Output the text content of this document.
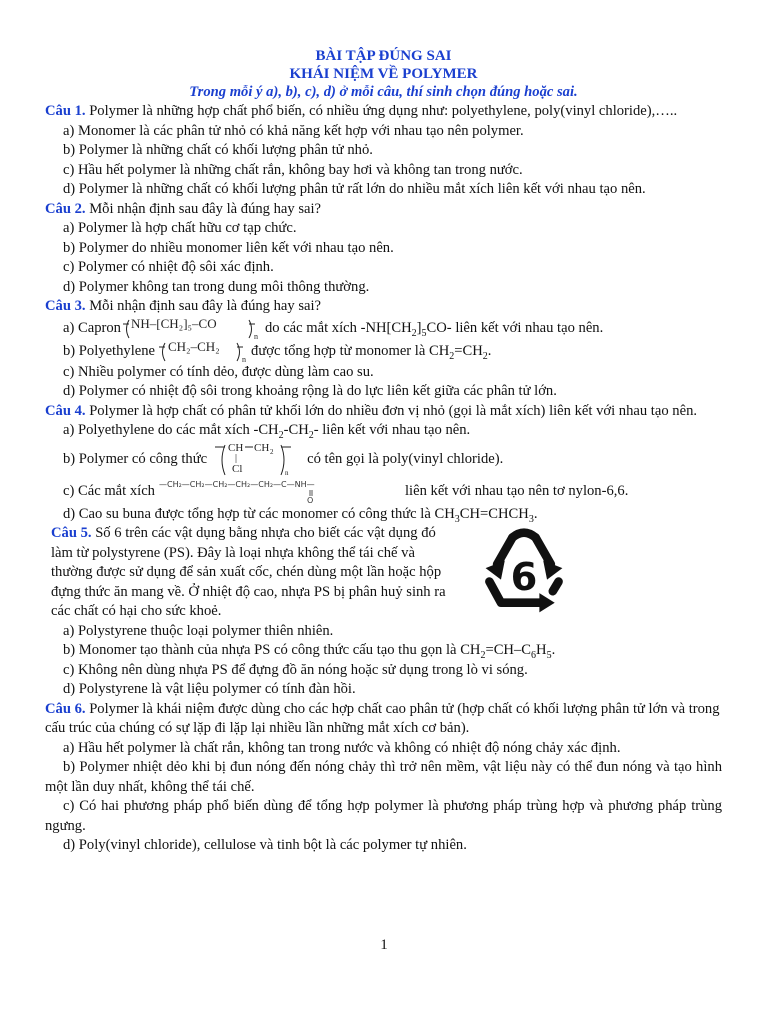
BÀI TẬP ĐÚNG SAI
KHÁI NIỆM VỀ POLYMER
Trong mỗi ý a), b), c), d) ở mỗi câu, thí sinh chọn đúng hoặc sai.

Câu 1. Polymer là những hợp chất phổ biến, có nhiều ứng dụng như: polyethylene, poly(vinyl chloride),…..

a) Monomer là các phân tử nhỏ có khả năng kết hợp với nhau tạo nên polymer.

b) Polymer là những chất có khối lượng phân tử nhỏ.

c) Hầu hết polymer là những chất rắn, không bay hơi và không tan trong nước.

d) Polymer là những chất có khối lượng phân tử rất lớn do nhiều mắt xích liên kết với nhau tạo nên.

Câu 2. Mỗi nhận định sau đây là đúng hay sai?

a) Polymer là hợp chất hữu cơ tạp chức.

b) Polymer do nhiều monomer liên kết với nhau tạo nên.

c) Polymer có nhiệt độ sôi xác định.

d) Polymer không tan trong dung môi thông thường.

Câu 3. Mỗi nhận định sau đây là đúng hay sai?

a) Capron NH–[CH₂]₅–CO
n
do các mắt xích $-NH[CH_2]_5CO-$ liên kết với nhau tạo nên.
b) Polyethylene CH₂–CH₂
n
được tổng hợp từ monomer là $CH_2=CH_2$.

c) Nhiều polymer có tính dẻo, được dùng làm cao su.

d) Polymer có nhiệt độ sôi trong khoảng rộng là do lực liên kết giữa các phân tử lớn.

Câu 4. Polymer là hợp chất có phân tử khối lớn do nhiều đơn vị nhỏ (gọi là mắt xích) liên kết với nhau tạo nên.

a) Polyethylene do các mắt xích $-CH_2-CH_2-$ liên kết với nhau tạo nên.

b) Polymer có công thức
CH CH 2
Cl	n
có tên gọi là poly(vinyl chloride).
c) Các mắt xích —CH₂—CH₂—CH₂—CH₂—CH₂—C—NH—
O
liên kết với nhau tạo nên tơ nylon-6,6.

d) Cao su buna được tổng hợp từ các monomer có công thức là $CH_3CH=CHCH_3$.

Câu 5. Số 6 trên các vật dụng bằng nhựa cho biết các vật dụng đó làm từ polystyrene (PS). Đây là loại nhựa không thể tái chế và thường được sử dụng để sản xuất cốc, chén dùng một lần hoặc hộp đựng thức ăn mang về. Ở nhiệt độ cao, nhựa PS bị phân huỷ sinh ra các chất có hại cho sức khoẻ.

6

a) Polystyrene thuộc loại polymer thiên nhiên.

b) Monomer tạo thành của nhựa PS có công thức cấu tạo thu gọn là $CH_2=CH-C_6H_5$.

c) Không nên dùng nhựa PS để đựng đồ ăn nóng hoặc sử dụng trong lò vi sóng.

d) Polystyrene là vật liệu polymer có tính đàn hồi.

Câu 6. Polymer là khái niệm được dùng cho các hợp chất cao phân tử (hợp chất có khối lượng phân tử lớn và trong cấu trúc của chúng có sự lặp đi lặp lại nhiều lần những mắt xích cơ bản).

a) Hầu hết polymer là chất rắn, không tan trong nước và không có nhiệt độ nóng chảy xác định.

b) Polymer nhiệt dẻo khi bị đun nóng đến nóng chảy thì trở nên mềm, vật liệu này có thể đun nóng và tạo hình một lần duy nhất, không thể tái chế.

c) Có hai phương pháp phổ biến dùng để tổng hợp polymer là phương pháp trùng hợp và phương pháp trùng ngưng.

d) Poly(vinyl chloride), cellulose và tinh bột là các polymer tự nhiên.

1
